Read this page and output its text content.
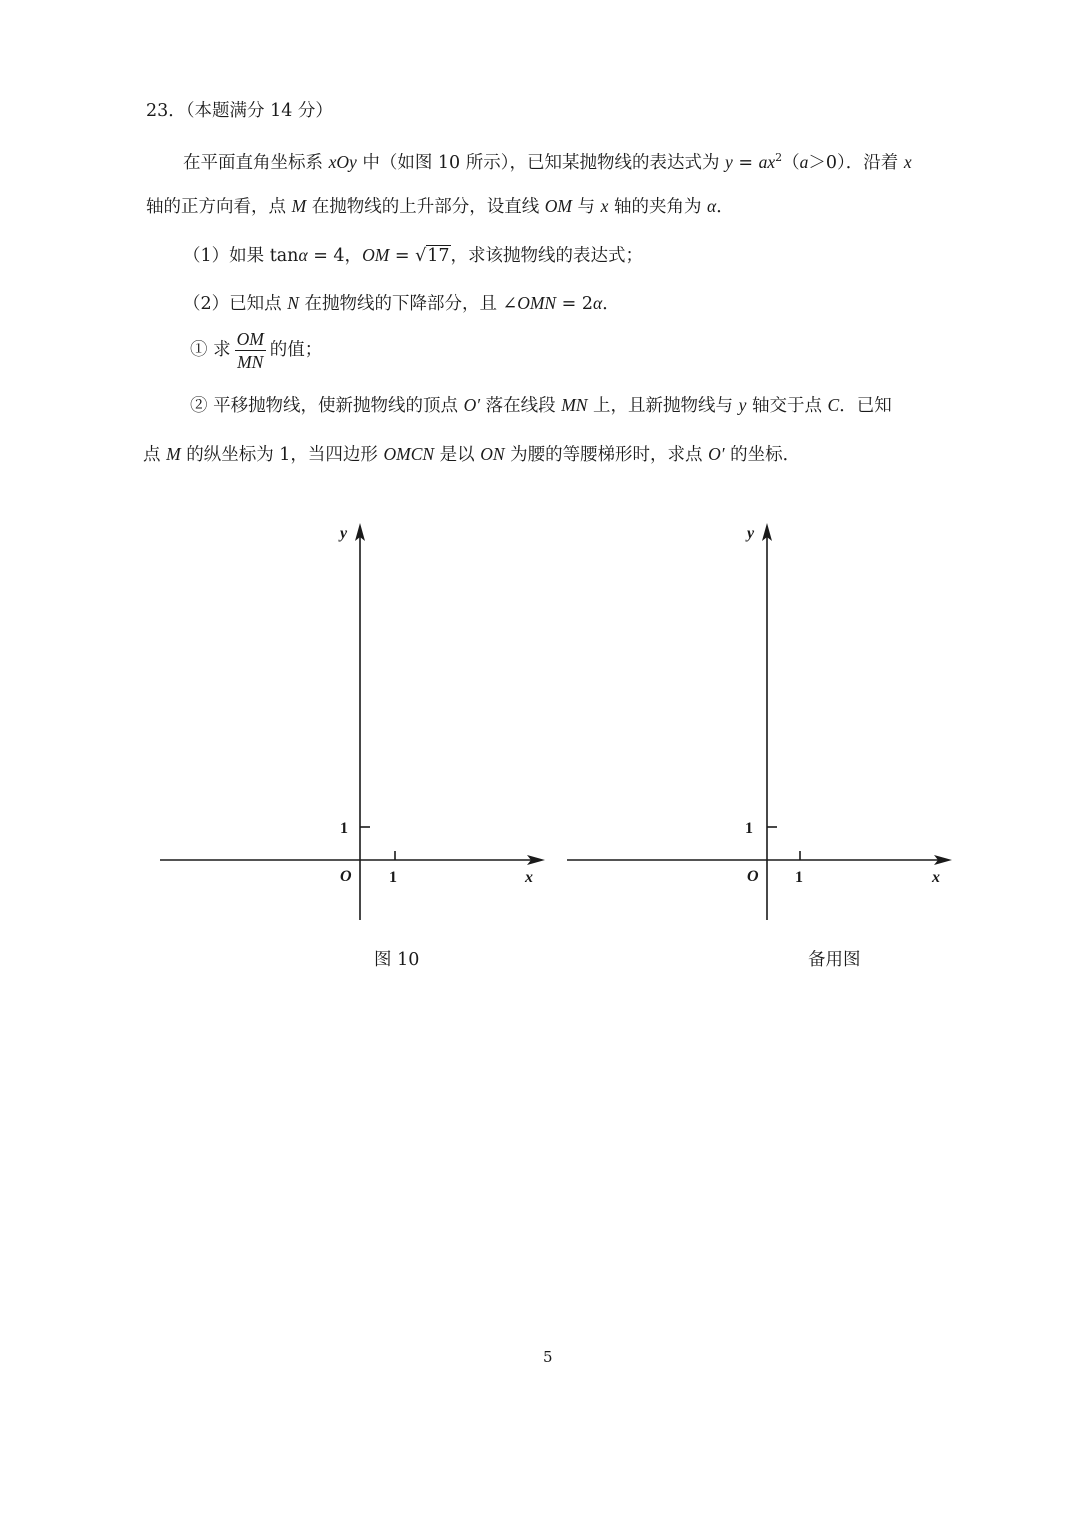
23．（本题满分 14 分）
在平面直角坐标系 xOy 中（如图 10 所示），已知某抛物线的表达式为 $y = ax^2(a>0)$．沿着 x
轴的正方向看，点 M 在抛物线的上升部分，设直线 OM 与 x 轴的夹角为 α．
（1）如果 tanα = 4，OM = √17，求该抛物线的表达式；
（2）已知点 N 在抛物线的下降部分，且 ∠OMN = 2α．
① 求 $\frac{OM}{MN}$ 的值；
② 平移抛物线，使新抛物线的顶点 O′ 落在线段 MN 上，且新抛物线与 y 轴交于点 C．已知
点 M 的纵坐标为 1，当四边形 OMCN 是以 ON 为腰的等腰梯形时，求点 O′ 的坐标．
y
x
O 1
1
图 10
y
x
O 1
1
备用图
5
